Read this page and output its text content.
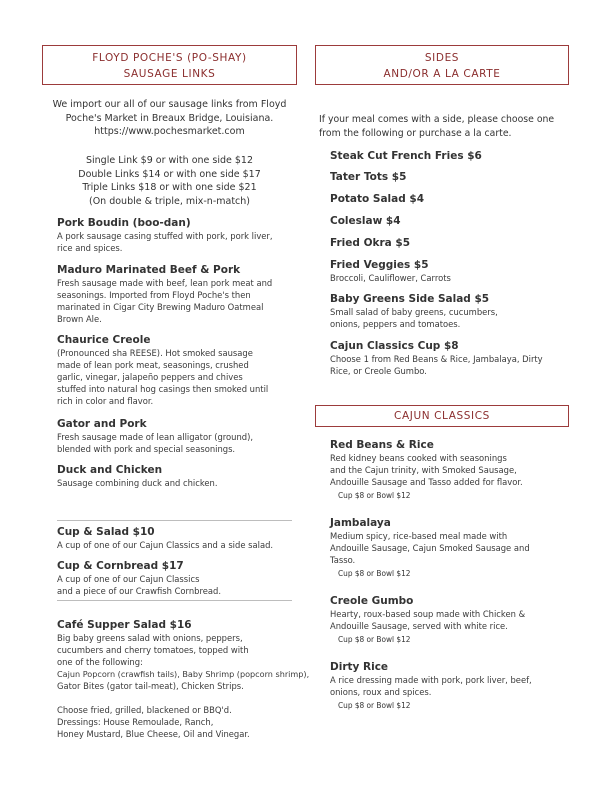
FLOYD POCHE'S (PO-SHAY)
SAUSAGE LINKS
SIDES
AND/OR A LA CARTE
We import our all of our sausage links from Floyd
Poche's Market in Breaux Bridge, Louisiana.
https://www.pochesmarket.com
Single Link $9 or with one side $12
Double Links $14 or with one side $17
Triple Links $18 or with one side $21
(On double & triple, mix-n-match)
Pork Boudin (boo-dan)
A pork sausage casing stuffed with pork, pork liver,
rice and spices.
Maduro Marinated Beef & Pork
Fresh sausage made with beef, lean pork meat and
seasonings. Imported from Floyd Poche's then
marinated in Cigar City Brewing Maduro Oatmeal
Brown Ale.
Chaurice Creole
(Pronounced sha REESE). Hot smoked sausage
made of lean pork meat, seasonings, crushed
garlic, vinegar, jalapeño peppers and chives
stuffed into natural hog casings then smoked until
rich in color and flavor.
Gator and Pork
Fresh sausage made of lean alligator (ground),
blended with pork and special seasonings.
Duck and Chicken
Sausage combining duck and chicken.
Cup & Salad $10
A cup of one of our Cajun Classics and a side salad.
Cup & Cornbread $17
A cup of one of our Cajun Classics
and a piece of our Crawfish Cornbread.
Café Supper Salad $16
Big baby greens salad with onions, peppers,
cucumbers and cherry tomatoes, topped with
one of the following:
Cajun Popcorn (crawfish tails), Baby Shrimp (popcorn shrimp),
Gator Bites (gator tail-meat), Chicken Strips.
Choose fried, grilled, blackened or BBQ'd.
Dressings: House Remoulade, Ranch,
Honey Mustard, Blue Cheese, Oil and Vinegar.
If your meal comes with a side, please choose one
from the following or purchase a la carte.
Steak Cut French Fries $6
Tater Tots $5
Potato Salad $4
Coleslaw $4
Fried Okra $5
Fried Veggies $5
Broccoli, Cauliflower, Carrots
Baby Greens Side Salad $5
Small salad of baby greens, cucumbers,
onions, peppers and tomatoes.
Cajun Classics Cup $8
Choose 1 from Red Beans & Rice, Jambalaya, Dirty
Rice, or Creole Gumbo.
CAJUN CLASSICS
Red Beans & Rice
Red kidney beans cooked with seasonings
and the Cajun trinity, with Smoked Sausage,
Andouille Sausage and Tasso added for flavor.
Cup $8 or Bowl $12
Jambalaya
Medium spicy, rice-based meal made with
Andouille Sausage, Cajun Smoked Sausage and
Tasso.
Cup $8 or Bowl $12
Creole Gumbo
Hearty, roux-based soup made with Chicken &
Andouille Sausage, served with white rice.
Cup $8 or Bowl $12
Dirty Rice
A rice dressing made with pork, pork liver, beef,
onions, roux and spices.
Cup $8 or Bowl $12
